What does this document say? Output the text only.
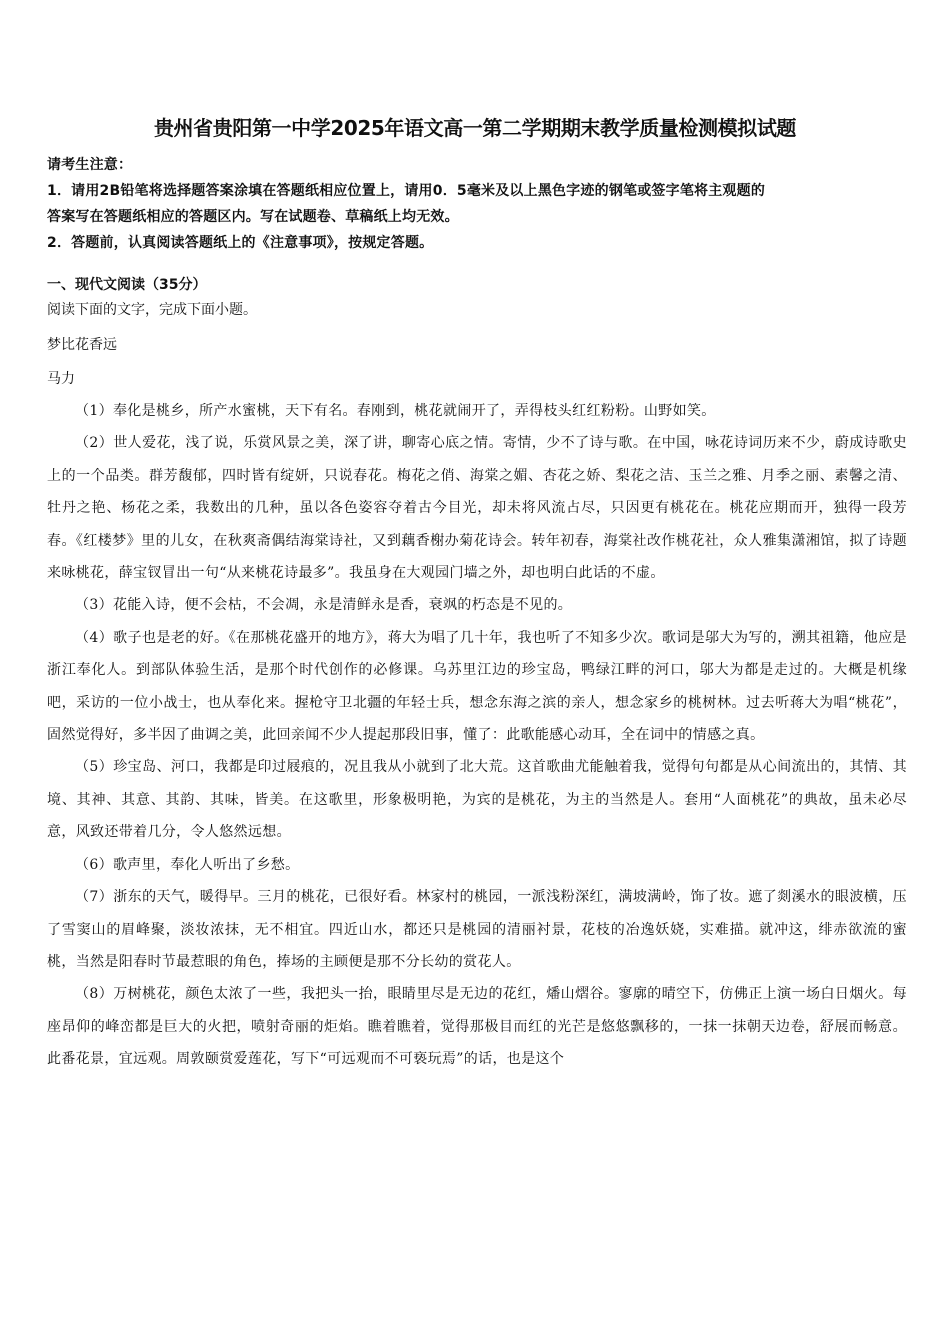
贵州省贵阳第一中学2025年语文高一第二学期期末教学质量检测模拟试题
请考生注意：
1．请用2B铅笔将选择题答案涂填在答题纸相应位置上，请用0．5毫米及以上黑色字迹的钢笔或签字笔将主观题的
答案写在答题纸相应的答题区内。写在试题卷、草稿纸上均无效。
2．答题前，认真阅读答题纸上的《注意事项》，按规定答题。
一、现代文阅读（35分）
阅读下面的文字，完成下面小题。
梦比花香远
马力

（1）奉化是桃乡，所产水蜜桃，天下有名。春刚到，桃花就闹开了，弄得枝头红红粉粉。山野如笑。

（2）世人爱花，浅了说，乐赏风景之美，深了讲，聊寄心底之情。寄情，少不了诗与歌。在中国，咏花诗词历来不少，蔚成诗歌史上的一个品类。群芳馥郁，四时皆有绽妍，只说春花。梅花之俏、海棠之媚、杏花之娇、梨花之洁、玉兰之雅、月季之丽、素馨之清、牡丹之艳、杨花之柔，我数出的几种，虽以各色姿容夺着古今目光，却未将风流占尽，只因更有桃花在。桃花应期而开，独得一段芳春。《红楼梦》里的儿女，在秋爽斋偶结海棠诗社，又到藕香榭办菊花诗会。转年初春，海棠社改作桃花社，众人雅集潇湘馆，拟了诗题来咏桃花，薛宝钗冒出一句“从来桃花诗最多”。我虽身在大观园门墙之外，却也明白此话的不虚。

（3）花能入诗，便不会枯，不会凋，永是清鲜永是香，衰飒的朽态是不见的。

（4）歌子也是老的好。《在那桃花盛开的地方》，蒋大为唱了几十年，我也听了不知多少次。歌词是邬大为写的，溯其祖籍，他应是浙江奉化人。到部队体验生活，是那个时代创作的必修课。乌苏里江边的珍宝岛，鸭绿江畔的河口，邬大为都是走过的。大概是机缘吧，采访的一位小战士，也从奉化来。握枪守卫北疆的年轻士兵，想念东海之滨的亲人，想念家乡的桃树林。过去听蒋大为唱“桃花”，固然觉得好，多半因了曲调之美，此回亲闻不少人提起那段旧事，懂了：此歌能感心动耳，全在词中的情感之真。

（5）珍宝岛、河口，我都是印过屐痕的，况且我从小就到了北大荒。这首歌曲尤能触着我，觉得句句都是从心间流出的，其情、其境、其神、其意、其韵、其味，皆美。在这歌里，形象极明艳，为宾的是桃花，为主的当然是人。套用“人面桃花”的典故，虽未必尽意，风致还带着几分，令人悠然远想。

（6）歌声里，奉化人听出了乡愁。

（7）浙东的天气，暖得早。三月的桃花，已很好看。林家村的桃园，一派浅粉深红，满坡满岭，饰了妆。遮了剡溪水的眼波横，压了雪窦山的眉峰聚，淡妆浓抹，无不相宜。四近山水，都还只是桃园的清丽衬景，花枝的冶逸妖娆，实难描。就冲这，绯赤欲流的蜜桃，当然是阳春时节最惹眼的角色，捧场的主顾便是那不分长幼的赏花人。

（8）万树桃花，颜色太浓了一些，我把头一抬，眼睛里尽是无边的花红，燔山熠谷。寥廓的晴空下，仿佛正上演一场白日烟火。每座昂仰的峰峦都是巨大的火把，喷射奇丽的炬焰。瞧着瞧着，觉得那极目而红的光芒是悠悠飘移的，一抹一抹朝天边卷，舒展而畅意。此番花景，宜远观。周敦颐赏爱莲花，写下“可远观而不可亵玩焉”的话，也是这个
